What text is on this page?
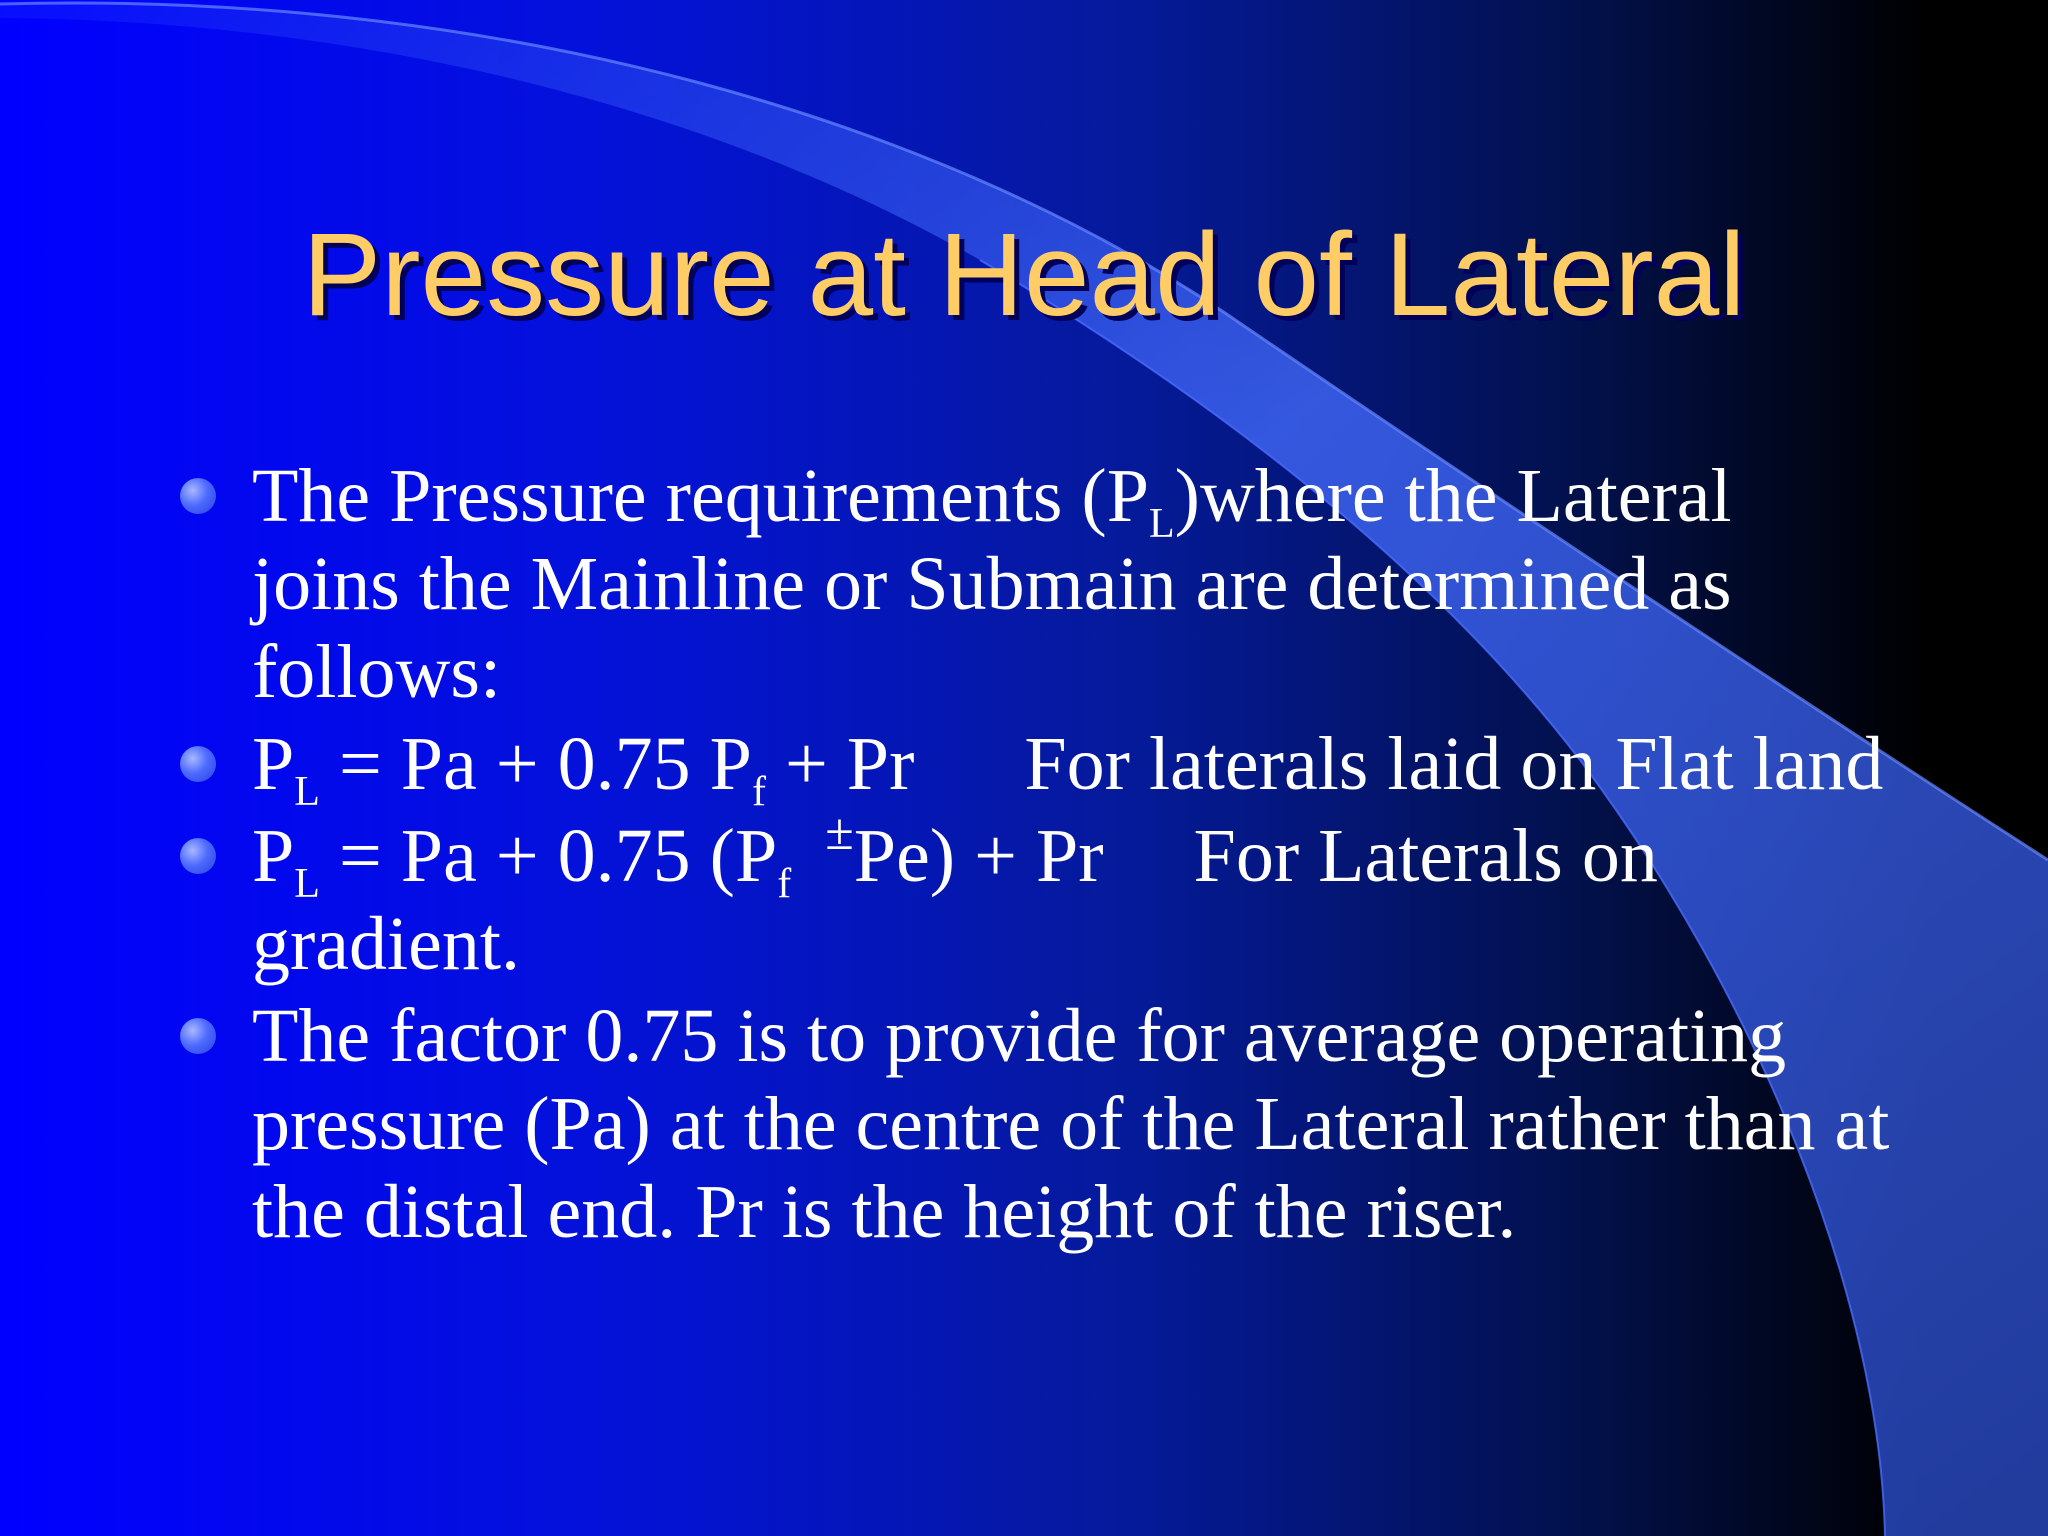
Pressure at Head of Lateral
The Pressure requirements $(P_L)where$ the Lateral joins the Mainline or Submain are determined as follows:
$P_L = Pa + 0.75$ $P_f + Pr$ For laterals laid on Flat land
$P_L = Pa + 0.75$ $(P_f^\pm Pe) + Pr$ For Laterals on gradient.
The factor 0.75 is to provide for average operating pressure (Pa) at the centre of the Lateral rather than at the distal end. Pr is the height of the riser.
